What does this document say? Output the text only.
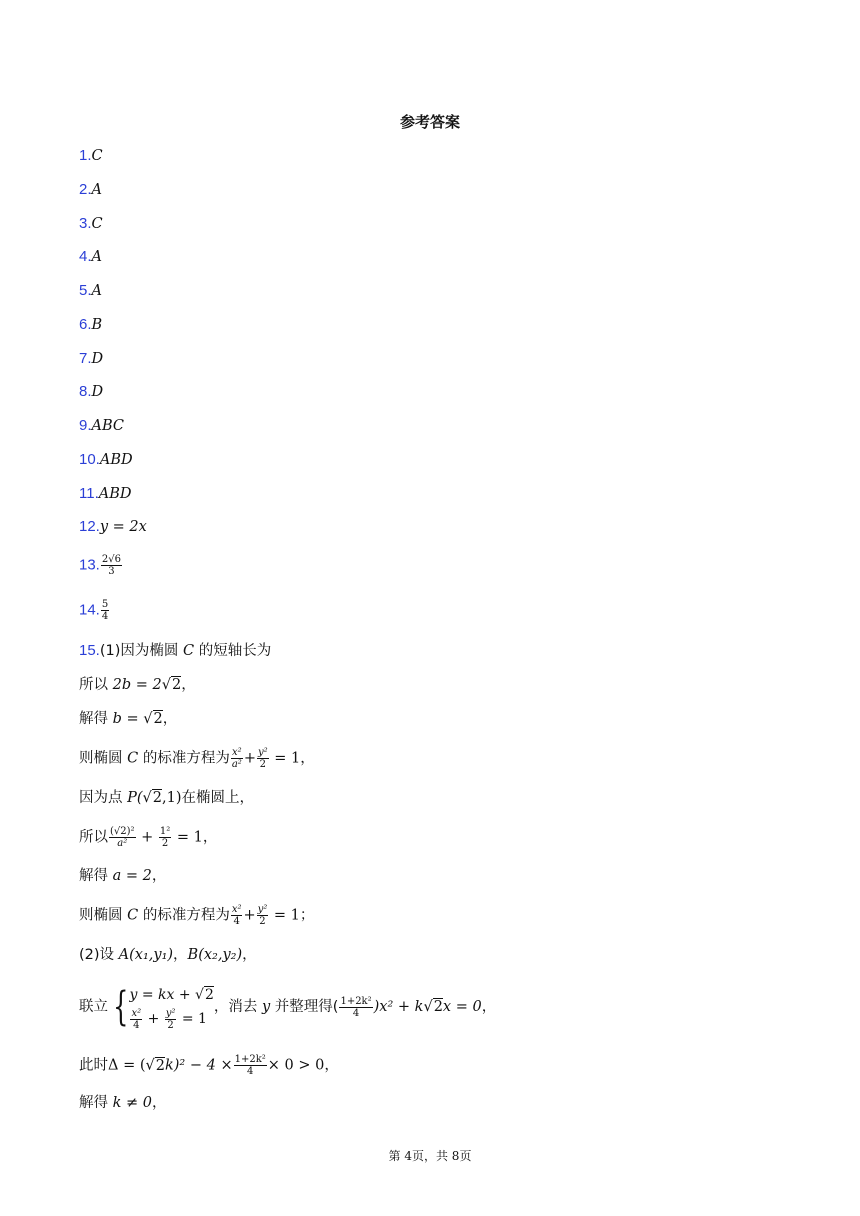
参考答案
1.C
2.A
3.C
4.A
5.A
6.B
7.D
8.D
9.ABC
10.ABD
11.ABD
12.y = 2x
13. $\frac{2√6}{3}$
14. $\frac{5}{4}$
15.(1)因为椭圆 C 的短轴长为
所以 2b = 2√2，
解得 b = √2，
则椭圆 C 的标准方程为 $\frac{\text{x²}}{\text{a²}} + \frac{\text{y²}}{2} = 1$，
因为点 P(√2,1)在椭圆上，
所以 $\frac{\text{(√2)²}}{\text{a²}} + \frac{\text{1²}}{2} = 1$，
解得 a = 2，
则椭圆 C 的标准方程为 $\frac{\text{x²}}{4} + \frac{\text{y²}}{2} = 1$；
(2)设 A(x₁,y₁)，B(x₂,y₂)，
联立 { y = kx + √2
$\frac{\text{x²}}{4} + \frac{\text{y²}}{2} = 1$
，消去 y 并整理得( $\frac{\text{1+2k²}}{4} )x^2 + k√2x = 0$，
此时$\Delta = (√2k)^2 - 4 \times \frac{\text{1+2k²}}{4} \times 0 > 0$，
解得 k ≠ 0，
第 4页，共 8页
